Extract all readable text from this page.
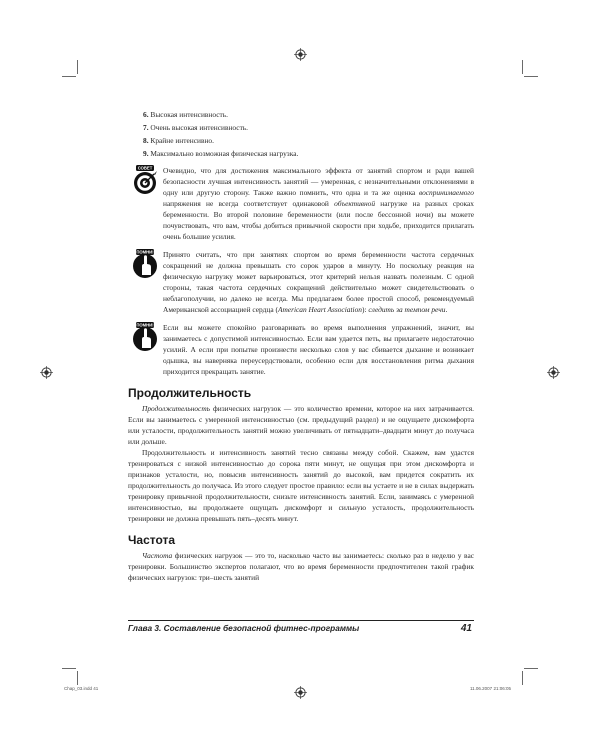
6. Высокая интенсивность.
7. Очень высокая интенсивность.
8. Крайне интенсивно.
9. Максимально возможная физическая нагрузка.
СОВЕТ Очевидно, что для достижения максимального эффекта от занятий спортом и ради вашей безопасности лучшая интенсивность занятий — умеренная, с незначительными отклонениями в одну или другую сторону. Также важно помнить, что одна и та же оценка воспринимаемого напряжения не всегда соответствует одинаковой объективной нагрузке на разных сроках беременности. Во второй половине беременности (или после бессонной ночи) вы можете почувствовать, что вам, чтобы добиться привычной скорости при ходьбе, приходится прилагать очень большие усилия.

ПОМНИ! Принято считать, что при занятиях спортом во время беременности частота сердечных сокращений не должна превышать сто сорок ударов в минуту. Но поскольку реакция на физическую нагрузку может варьироваться, этот критерий нельзя назвать полезным. С одной стороны, такая частота сердечных сокращений действительно может свидетельствовать о неблагополучии, но далеко не всегда. Мы предлагаем более простой способ, рекомендуемый Американской ассоциацией сердца (American Heart Association): следить за темпом речи.

ПОМНИ! Если вы можете спокойно разговаривать во время выполнения упражнений, значит, вы занимаетесь с допустимой интенсивностью. Если вам удается петь, вы прилагаете недостаточно усилий. А если при попытке произнести несколько слов у вас сбивается дыхание и возникает одышка, вы наверняка переусердствовали, особенно если для восстановления ритма дыхания приходится прекращать занятие.

Продолжительность

Продолжительность физических нагрузок — это количество времени, которое на них затрачивается. Если вы занимаетесь с умеренной интенсивностью (см. предыдущий раздел) и не ощущаете дискомфорта или усталости, продолжительность занятий можно увеличивать от пятнадцати–двадцати минут до получаса или дольше.

Продолжительность и интенсивность занятий тесно связаны между собой. Скажем, вам удастся тренироваться с низкой интенсивностью до сорока пяти минут, не ощущая при этом дискомфорта и признаков усталости, но, повысив интенсивность занятий до высокой, вам придется сократить их продолжительность до получаса. Из этого следует простое правило: если вы устаете и не в силах выдержать тренировку привычной продолжительности, снизьте интенсивность занятий. Если, занимаясь с умеренной интенсивностью, вы продолжаете ощущать дискомфорт и сильную усталость, продолжительность тренировки не должна превышать пять–десять минут.

Частота

Частота физических нагрузок — это то, насколько часто вы занимаетесь: сколько раз в неделю у вас тренировки. Большинство экспертов полагают, что во время беременности предпочтителен такой график физических нагрузок: три–шесть занятий

Глава 3. Составление безопасной фитнес-программы	41
Chap_03.indd 41	11.06.2007 21:06:05
